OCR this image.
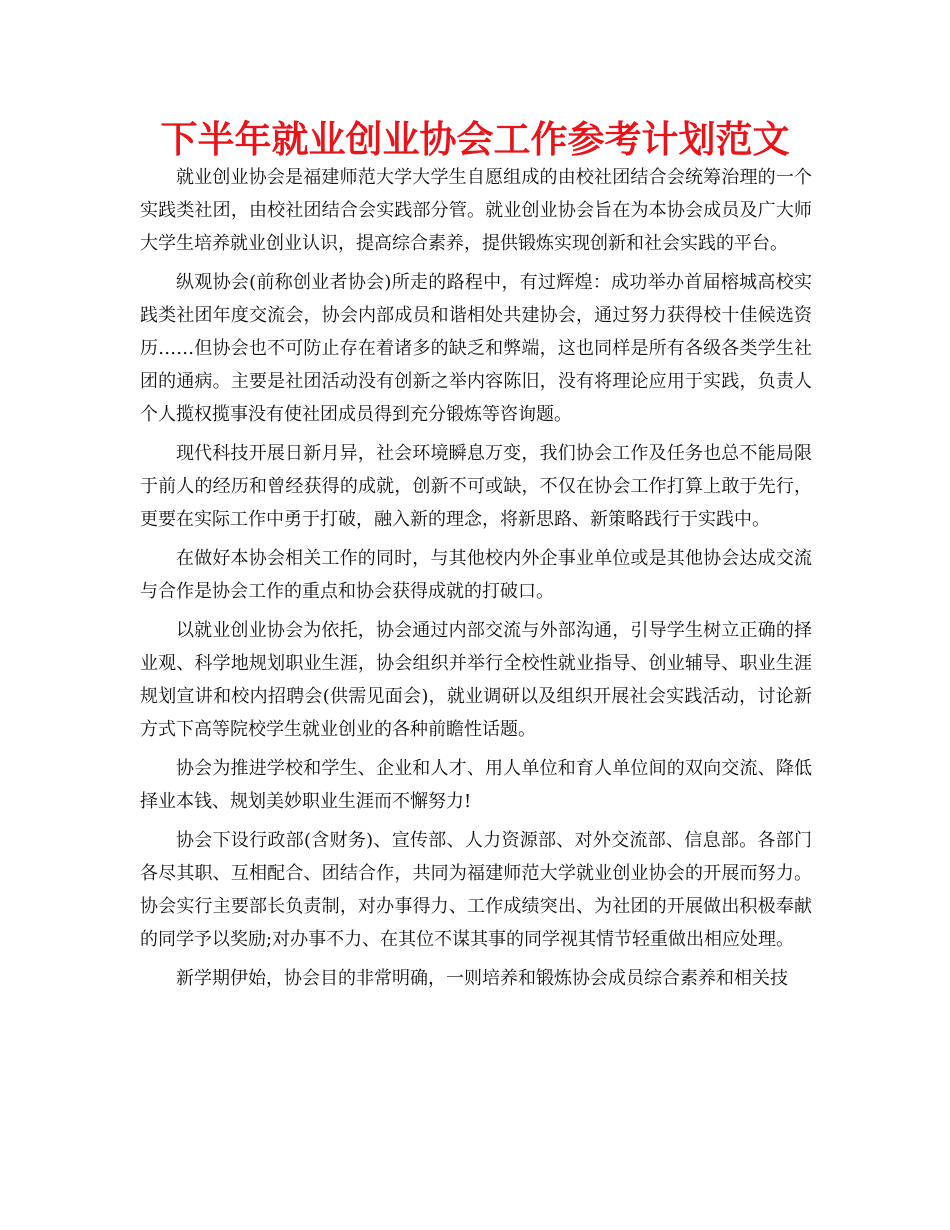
下半年就业创业协会工作参考计划范文

就业创业协会是福建师范大学大学生自愿组成的由校社团结合会统筹治理的一个实践类社团，由校社团结合会实践部分管。就业创业协会旨在为本协会成员及广大师大学生培养就业创业认识，提高综合素养，提供锻炼实现创新和社会实践的平台。

纵观协会(前称创业者协会)所走的路程中，有过辉煌：成功举办首届榕城高校实践类社团年度交流会，协会内部成员和谐相处共建协会，通过努力获得校十佳候选资历……但协会也不可防止存在着诸多的缺乏和弊端，这也同样是所有各级各类学生社团的通病。主要是社团活动没有创新之举内容陈旧，没有将理论应用于实践，负责人个人揽权揽事没有使社团成员得到充分锻炼等咨询题。

现代科技开展日新月异，社会环境瞬息万变，我们协会工作及任务也总不能局限于前人的经历和曾经获得的成就，创新不可或缺，不仅在协会工作打算上敢于先行，更要在实际工作中勇于打破，融入新的理念，将新思路、新策略践行于实践中。

在做好本协会相关工作的同时，与其他校内外企事业单位或是其他协会达成交流与合作是协会工作的重点和协会获得成就的打破口。

以就业创业协会为依托，协会通过内部交流与外部沟通，引导学生树立正确的择业观、科学地规划职业生涯，协会组织并举行全校性就业指导、创业辅导、职业生涯规划宣讲和校内招聘会(供需见面会)，就业调研以及组织开展社会实践活动，讨论新方式下高等院校学生就业创业的各种前瞻性话题。

协会为推进学校和学生、企业和人才、用人单位和育人单位间的双向交流、降低择业本钱、规划美妙职业生涯而不懈努力!

协会下设行政部(含财务)、宣传部、人力资源部、对外交流部、信息部。各部门各尽其职、互相配合、团结合作，共同为福建师范大学就业创业协会的开展而努力。协会实行主要部长负责制，对办事得力、工作成绩突出、为社团的开展做出积极奉献的同学予以奖励;对办事不力、在其位不谋其事的同学视其情节轻重做出相应处理。

新学期伊始，协会目的非常明确，一则培养和锻炼协会成员综合素养和相关技
